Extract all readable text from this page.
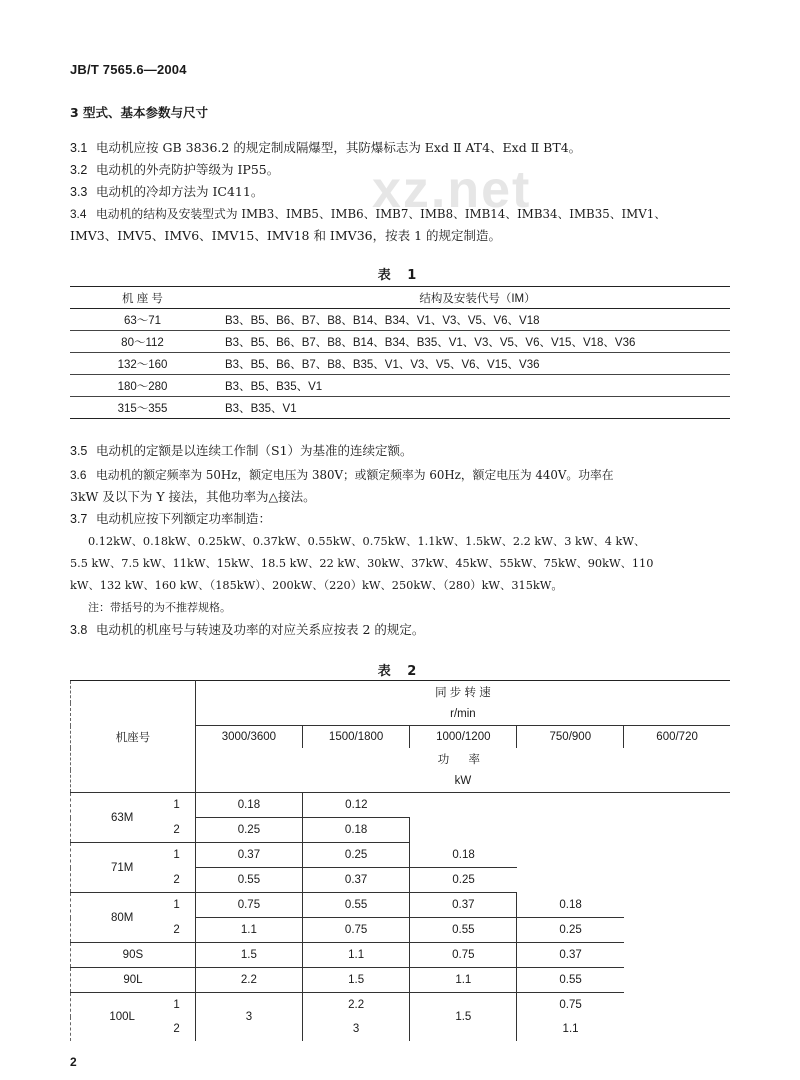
JB/T 7565.6—2004
xz.net
3 型式、基本参数与尺寸
3.1 电动机应按 GB 3836.2 的规定制成隔爆型，其防爆标志为 Exd Ⅱ AT4、Exd Ⅱ BT4。
3.2 电动机的外壳防护等级为 IP55。
3.3 电动机的冷却方法为 IC411。
3.4 电动机的结构及安装型式为 IMB3、IMB5、IMB6、IMB7、IMB8、IMB14、IMB34、IMB35、IMV1、
IMV3、IMV5、IMV6、IMV15、IMV18 和 IMV36，按表 1 的规定制造。
表 1
机 座 号	结构及安装代号（IM）
63～71	B3、B5、B6、B7、B8、B14、B34、V1、V3、V5、V6、V18
80～112	B3、B5、B6、B7、B8、B14、B34、B35、V1、V3、V5、V6、V15、V18、V36
132～160	B3、B5、B6、B7、B8、B35、V1、V3、V5、V6、V15、V36
180～280	B3、B5、B35、V1
315～355	B3、B35、V1
3.5 电动机的定额是以连续工作制（S1）为基准的连续定额。
3.6 电动机的额定频率为 50Hz，额定电压为 380V；或额定频率为 60Hz，额定电压为 440V。功率在
3kW 及以下为 Y 接法，其他功率为△接法。
3.7 电动机应按下列额定功率制造：
0.12kW、0.18kW、0.25kW、0.37kW、0.55kW、0.75kW、1.1kW、1.5kW、2.2 kW、3 kW、4 kW、
5.5 kW、7.5 kW、11kW、15kW、18.5 kW、22 kW、30kW、37kW、45kW、55kW、75kW、90kW、110
kW、132 kW、160 kW、（185kW）、200kW、（220）kW、250kW、（280）kW、315kW。
注：带括号的为不推荐规格。
3.8 电动机的机座号与转速及功率的对应关系应按表 2 的规定。
表 2
机座号		同 步 转 速				
		r/min				
		3000/3600	1500/1800	1000/1200	750/900	600/720
		功 率				
		kW				
63M	1	0.18	0.12			
	2	0.25	0.18			
71M	1	0.37	0.25	0.18		
	2	0.55	0.37	0.25		
80M	1	0.75	0.55	0.37	0.18	
	2	1.1	0.75	0.55	0.25	
90S		1.5	1.1	0.75	0.37	
90L		2.2	1.5	1.1	0.55	
100L	1	3	2.2	1.5	0.75	
	2		3		1.1	
2
